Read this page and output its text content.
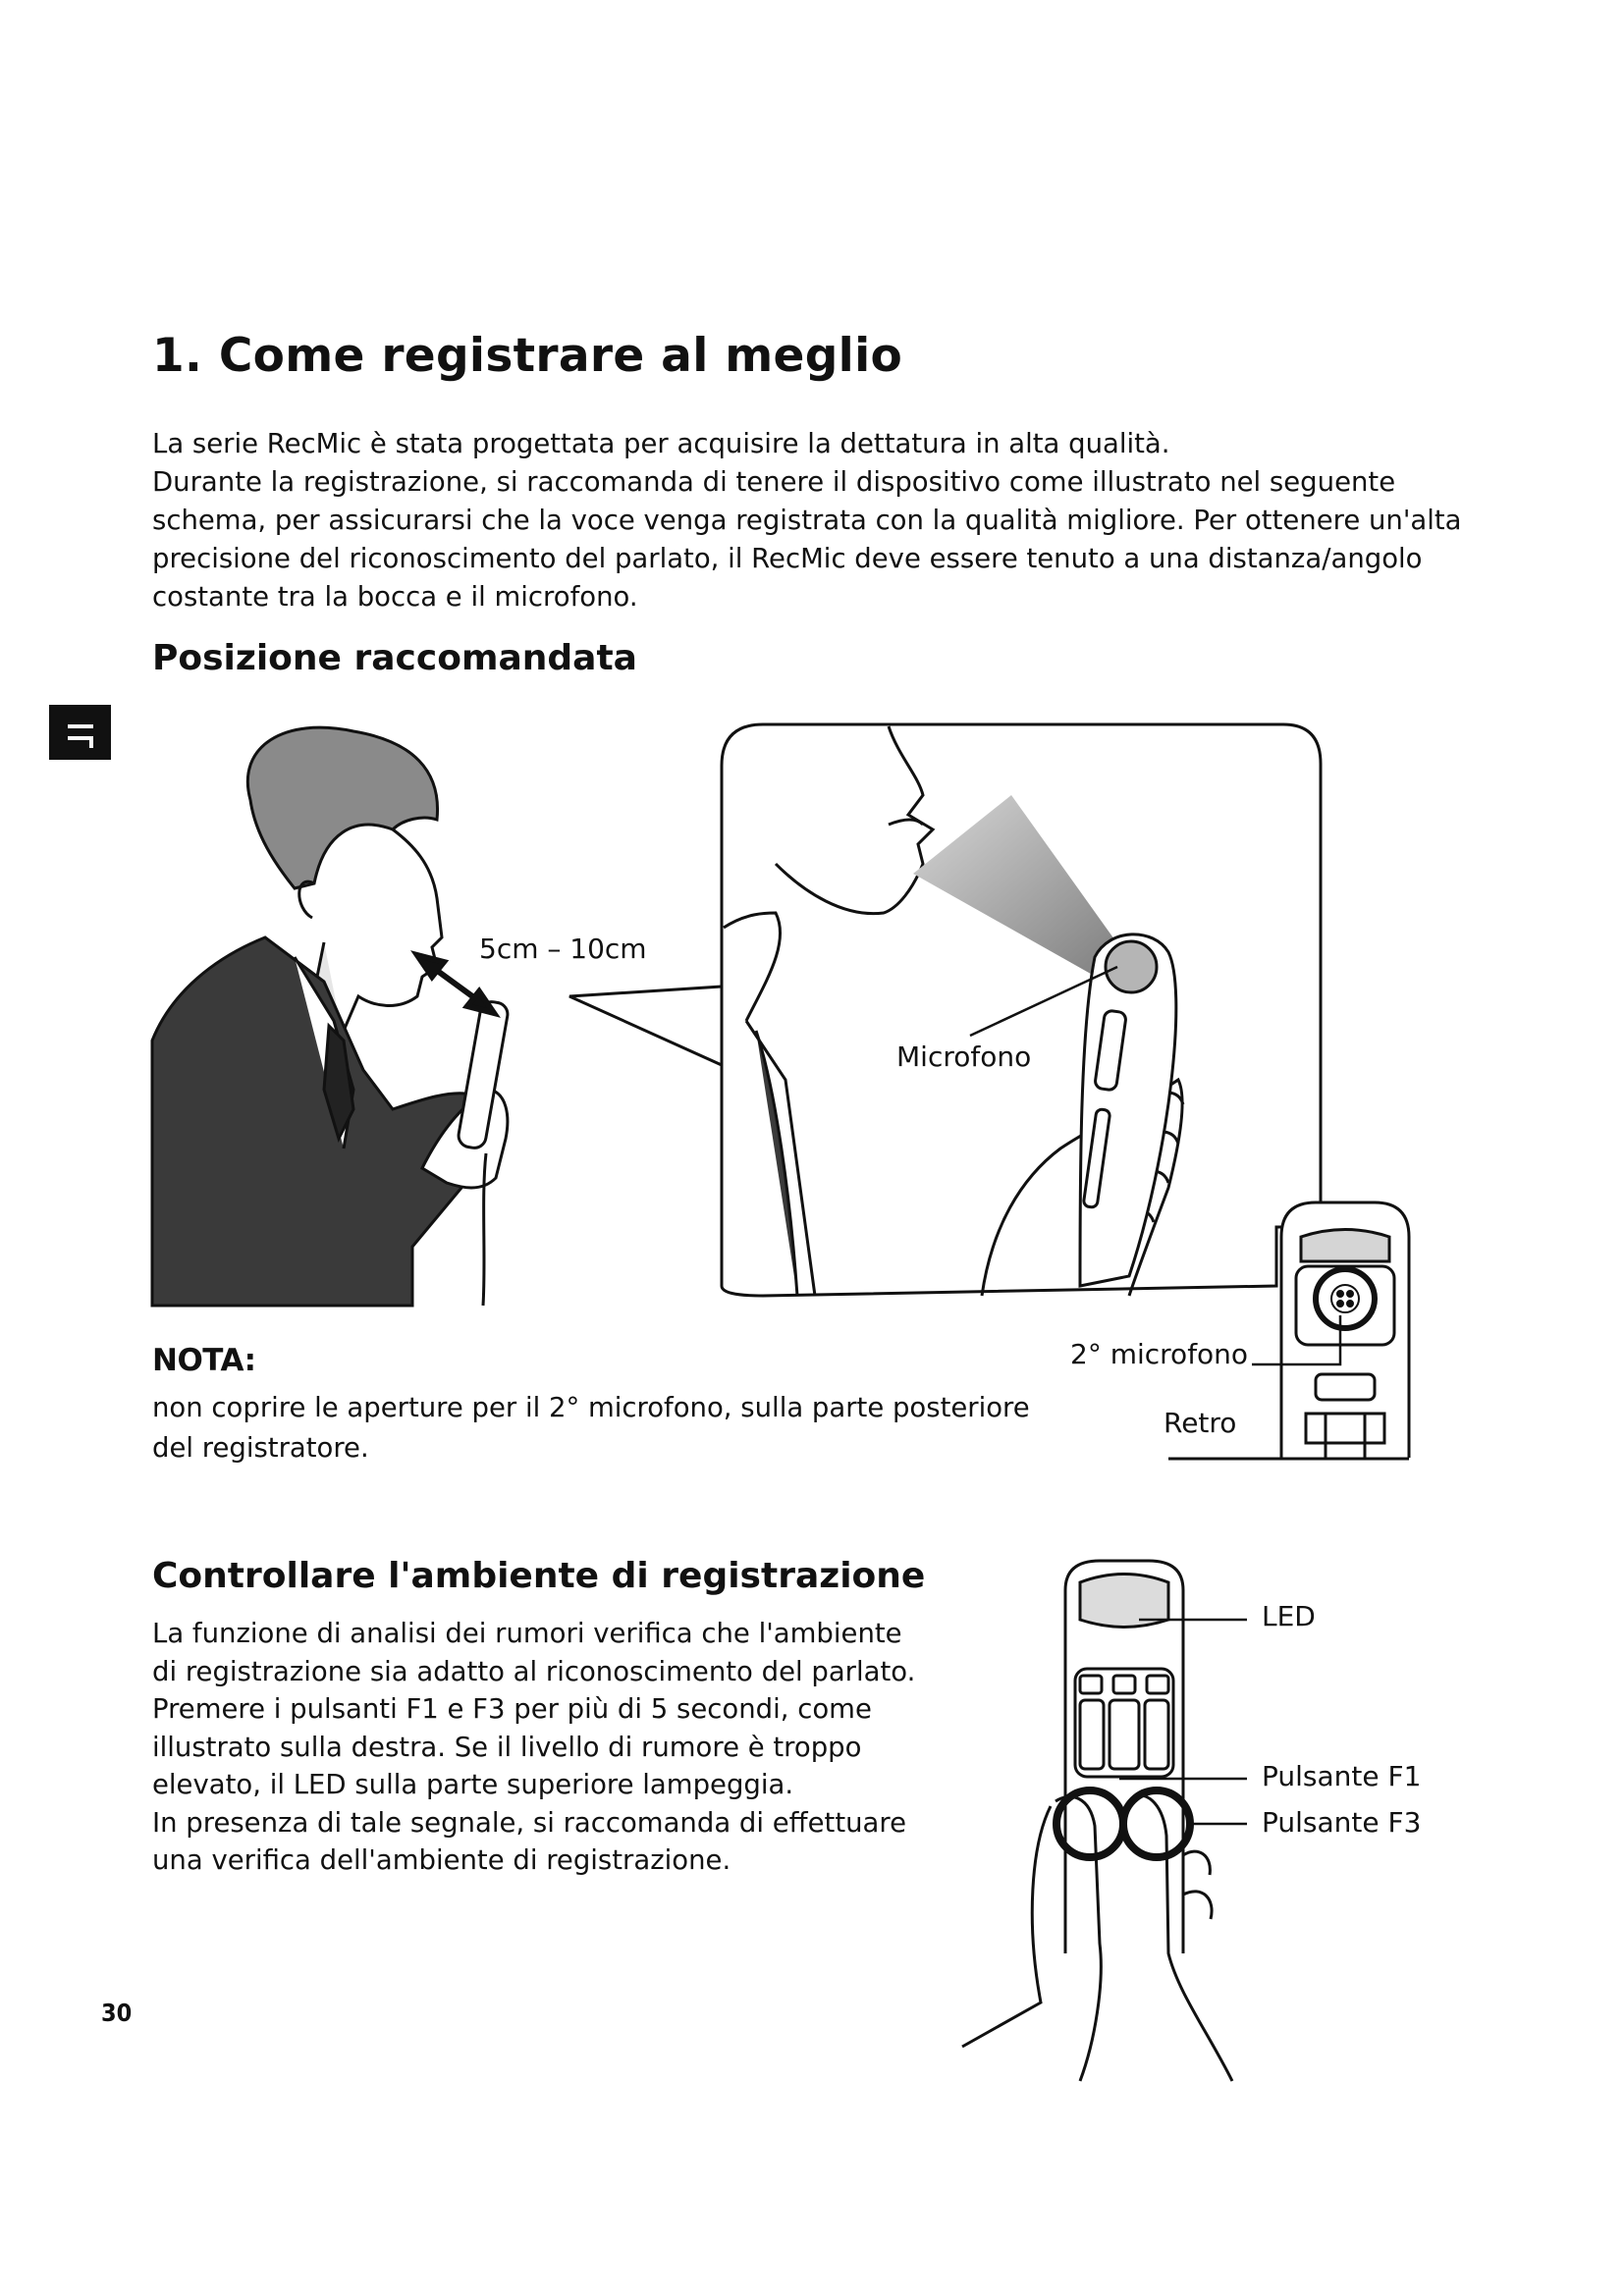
1. Come registrare al meglio

La serie RecMic è stata progettata per acquisire la dettatura in alta qualità.

Durante la registrazione, si raccomanda di tenere il dispositivo come illustrato nel seguente

schema, per assicurarsi che la voce venga registrata con la qualità migliore. Per ottenere un'alta

precisione del riconoscimento del parlato, il RecMic deve essere tenuto a una distanza/angolo

costante tra la bocca e il microfono.

Posizione raccomandata
5cm – 10cm
Microfono
2° microfono
Retro
NOTA:

non coprire le aperture per il 2° microfono, sulla parte posteriore

del registratore.

Controllare l'ambiente di registrazione

La funzione di analisi dei rumori verifica che l'ambiente

di registrazione sia adatto al riconoscimento del parlato.

Premere i pulsanti F1 e F3 per più di 5 secondi, come

illustrato sulla destra. Se il livello di rumore è troppo

elevato, il LED sulla parte superiore lampeggia.

In presenza di tale segnale, si raccomanda di effettuare

una verifica dell'ambiente di registrazione.

LED
Pulsante F1
Pulsante F3
30
